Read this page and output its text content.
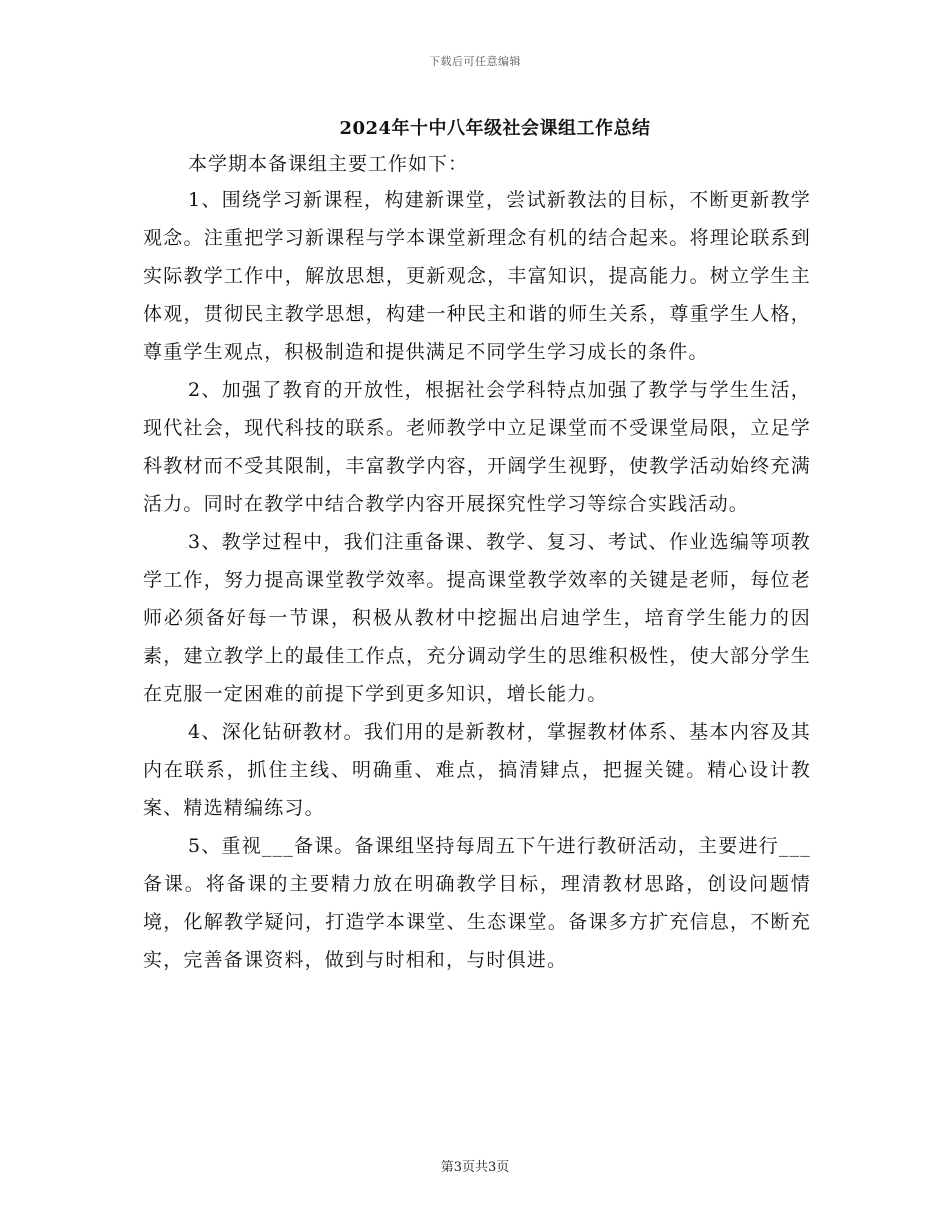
下载后可任意编辑
2024年十中八年级社会课组工作总结
本学期本备课组主要工作如下：

1、围绕学习新课程，构建新课堂，尝试新教法的目标，不断更新教学观念。注重把学习新课程与学本课堂新理念有机的结合起来。将理论联系到实际教学工作中，解放思想，更新观念，丰富知识，提高能力。树立学生主体观，贯彻民主教学思想，构建一种民主和谐的师生关系，尊重学生人格，尊重学生观点，积极制造和提供满足不同学生学习成长的条件。

2、加强了教育的开放性，根据社会学科特点加强了教学与学生生活，现代社会，现代科技的联系。老师教学中立足课堂而不受课堂局限，立足学科教材而不受其限制，丰富教学内容，开阔学生视野，使教学活动始终充满活力。同时在教学中结合教学内容开展探究性学习等综合实践活动。

3、教学过程中，我们注重备课、教学、复习、考试、作业选编等项教学工作，努力提高课堂教学效率。提高课堂教学效率的关键是老师，每位老师必须备好每一节课，积极从教材中挖掘出启迪学生，培育学生能力的因素，建立教学上的最佳工作点，充分调动学生的思维积极性，使大部分学生在克服一定困难的前提下学到更多知识，增长能力。

4、深化钻研教材。我们用的是新教材，掌握教材体系、基本内容及其内在联系，抓住主线、明确重、难点，搞清肄点，把握关键。精心设计教案、精选精编练习。

5、重视___备课。备课组坚持每周五下午进行教研活动，主要进行___备课。将备课的主要精力放在明确教学目标，理清教材思路，创设问题情境，化解教学疑问，打造学本课堂、生态课堂。备课多方扩充信息，不断充实，完善备课资料，做到与时相和，与时俱进。

第3页共3页
